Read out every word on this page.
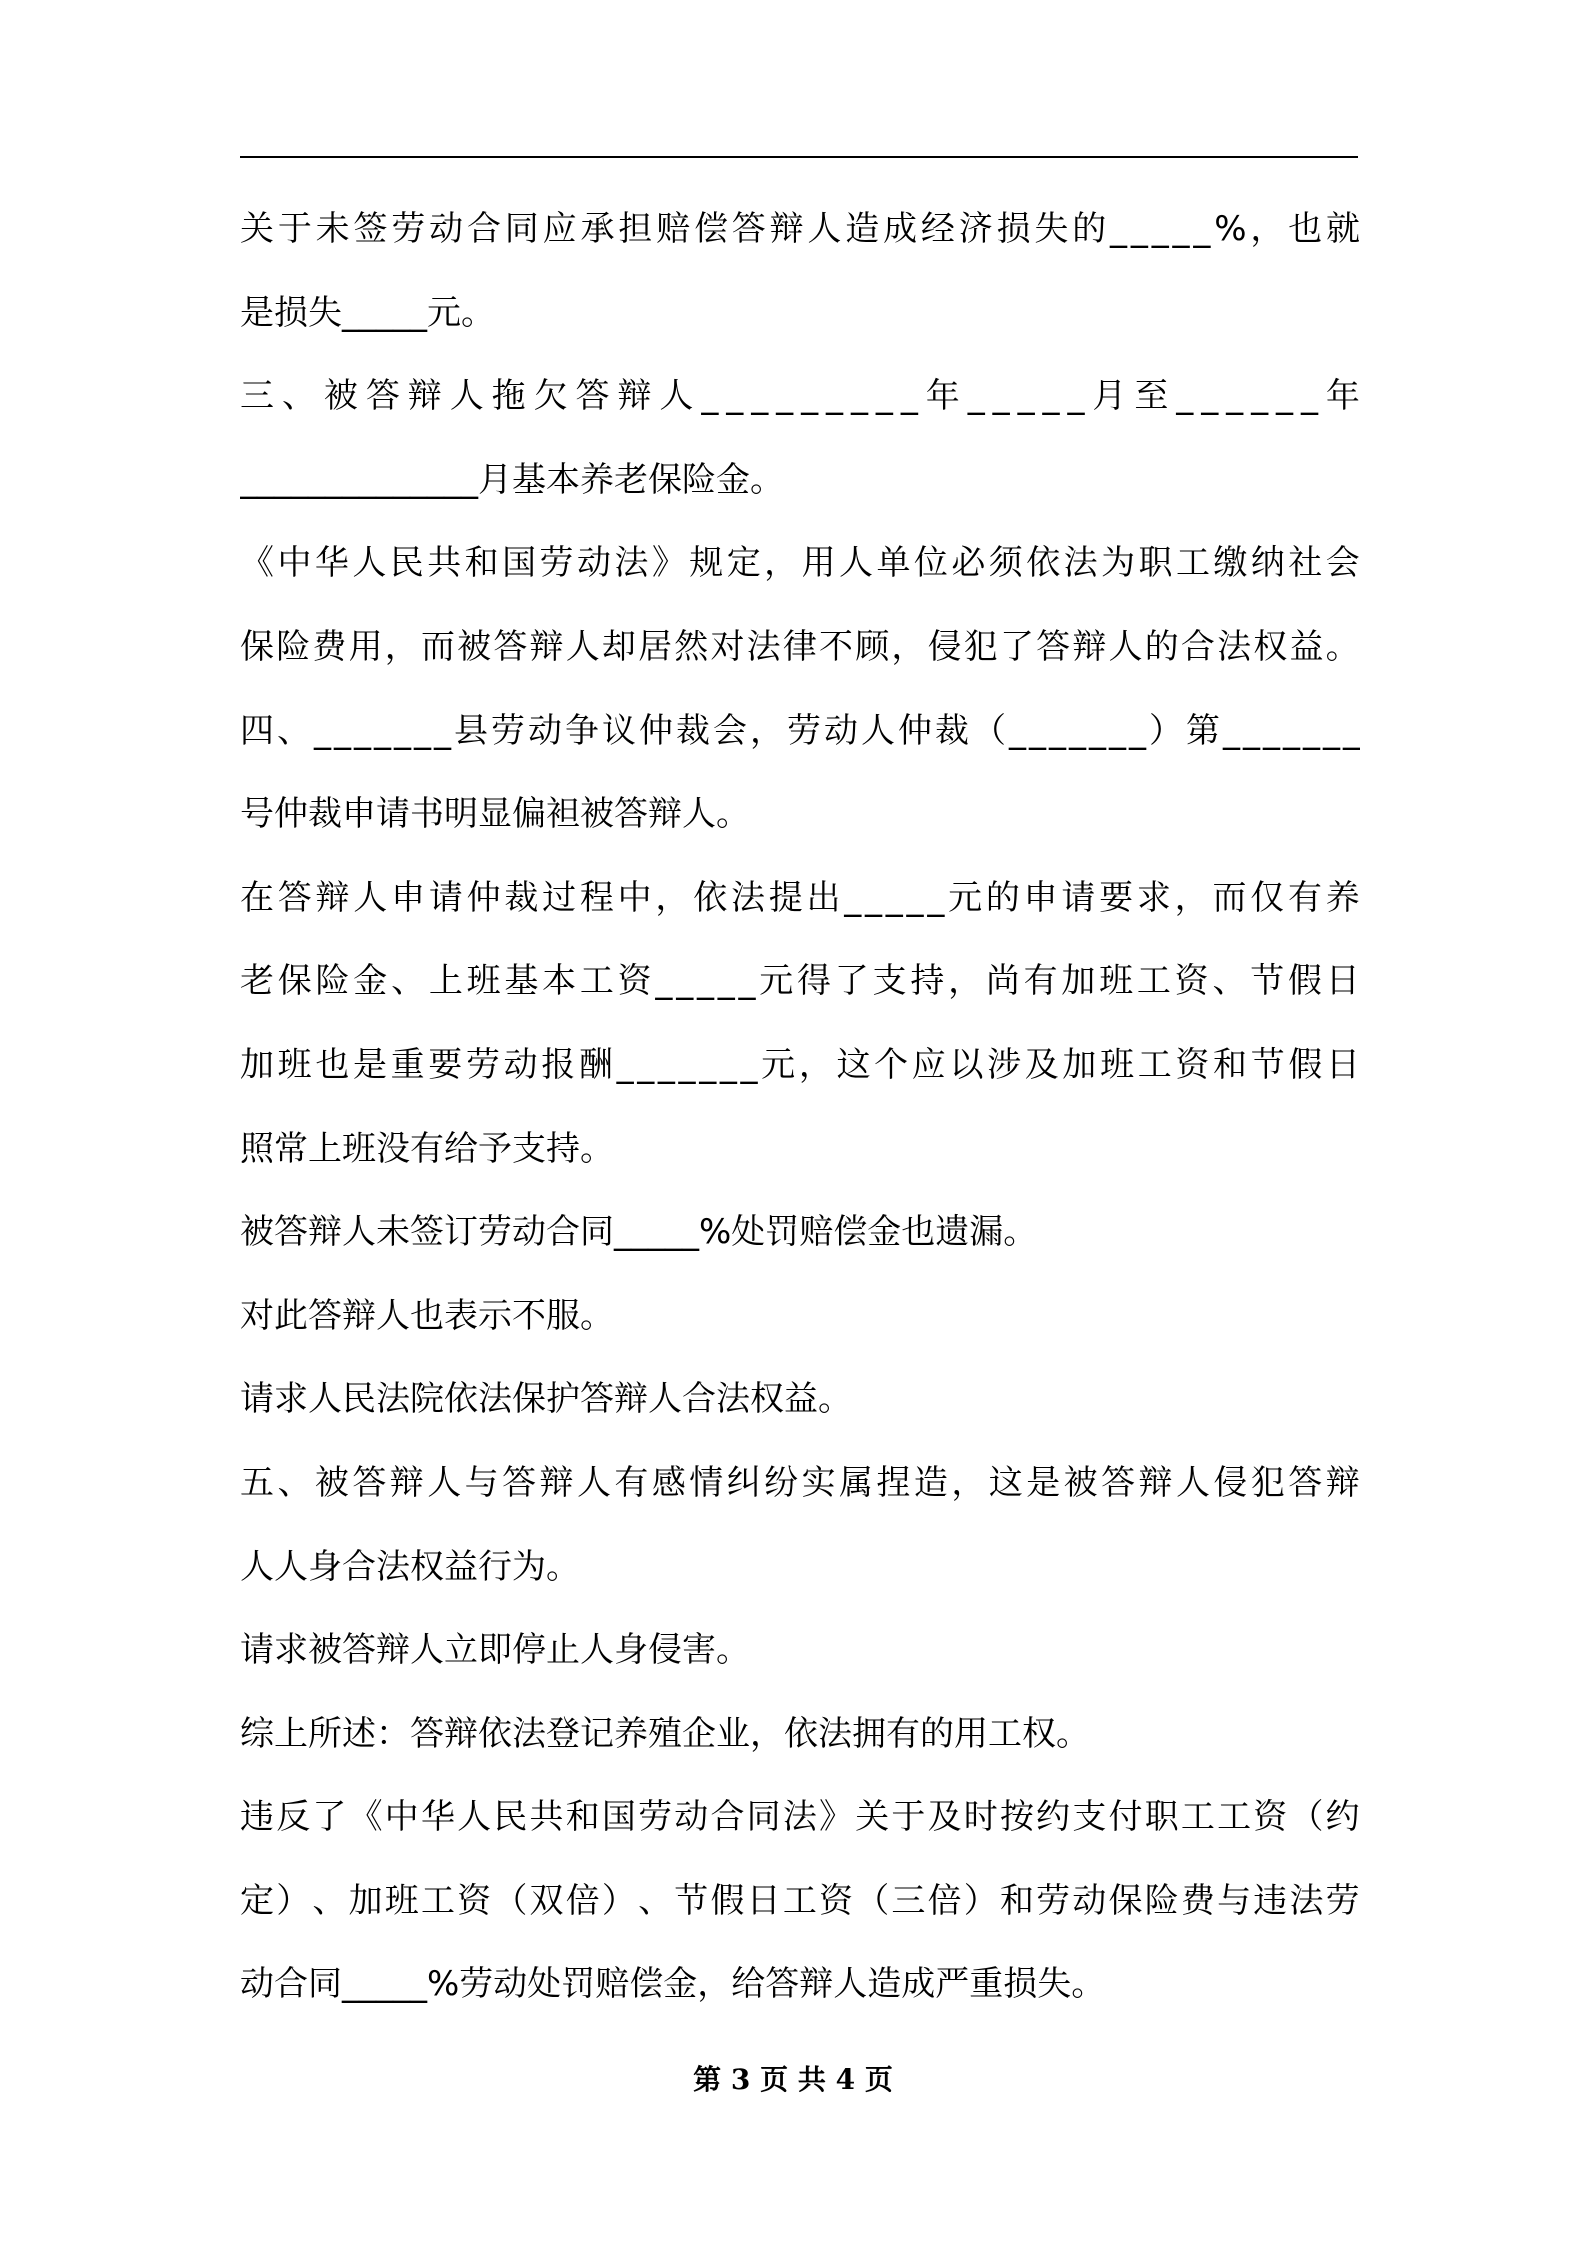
关 于 未 签 劳 动 合 同 应 承 担 赔 偿 答 辩 人 造 成 经 济 损 失 的 _ _ _ _ _ % ， 也 就
是损失_____元。
三 、 被 答 辩 人 拖 欠 答 辩 人 _ _ _ _ _ _ _ _ _ 年 _ _ _ _ _ 月 至 _ _ _ _ _ _ 年
______________月基本养老保险金。
《 中 华 人 民 共 和 国 劳 动 法 》 规 定 ， 用 人 单 位 必 须 依 法 为 职 工 缴 纳 社 会
保 险 费 用 ， 而 被 答 辩 人 却 居 然 对 法 律 不 顾 ， 侵 犯 了 答 辩 人 的 合 法 权 益 。
四 、 _ _ _ _ _ _ _ 县 劳 动 争 议 仲 裁 会 ， 劳 动 人 仲 裁 （ _ _ _ _ _ _ _ ） 第 _ _ _ _ _ _ _
号仲裁申请书明显偏袒被答辩人。
在 答 辩 人 申 请 仲 裁 过 程 中 ， 依 法 提 出 _ _ _ _ _ 元 的 申 请 要 求 ， 而 仅 有 养
老 保 险 金 、 上 班 基 本 工 资 _ _ _ _ _ 元 得 了 支 持 ， 尚 有 加 班 工 资 、 节 假 日
加 班 也 是 重 要 劳 动 报 酬 _ _ _ _ _ _ _ 元 ， 这 个 应 以 涉 及 加 班 工 资 和 节 假 日
照常上班没有给予支持。
被答辩人未签订劳动合同_____%处罚赔偿金也遗漏。
对此答辩人也表示不服。
请求人民法院依法保护答辩人合法权益。
五 、 被 答 辩 人 与 答 辩 人 有 感 情 纠 纷 实 属 捏 造 ， 这 是 被 答 辩 人 侵 犯 答 辩
人人身合法权益行为。
请求被答辩人立即停止人身侵害。
综上所述：答辩依法登记养殖企业，依法拥有的用工权。
违 反 了 《 中 华 人 民 共 和 国 劳 动 合 同 法 》 关 于 及 时 按 约 支 付 职 工 工 资 （ 约
定 ） 、 加 班 工 资 （ 双 倍 ） 、 节 假 日 工 资 （ 三 倍 ） 和 劳 动 保 险 费 与 违 法 劳
动合同_____%劳动处罚赔偿金，给答辩人造成严重损失。
第 3 页 共 4 页
